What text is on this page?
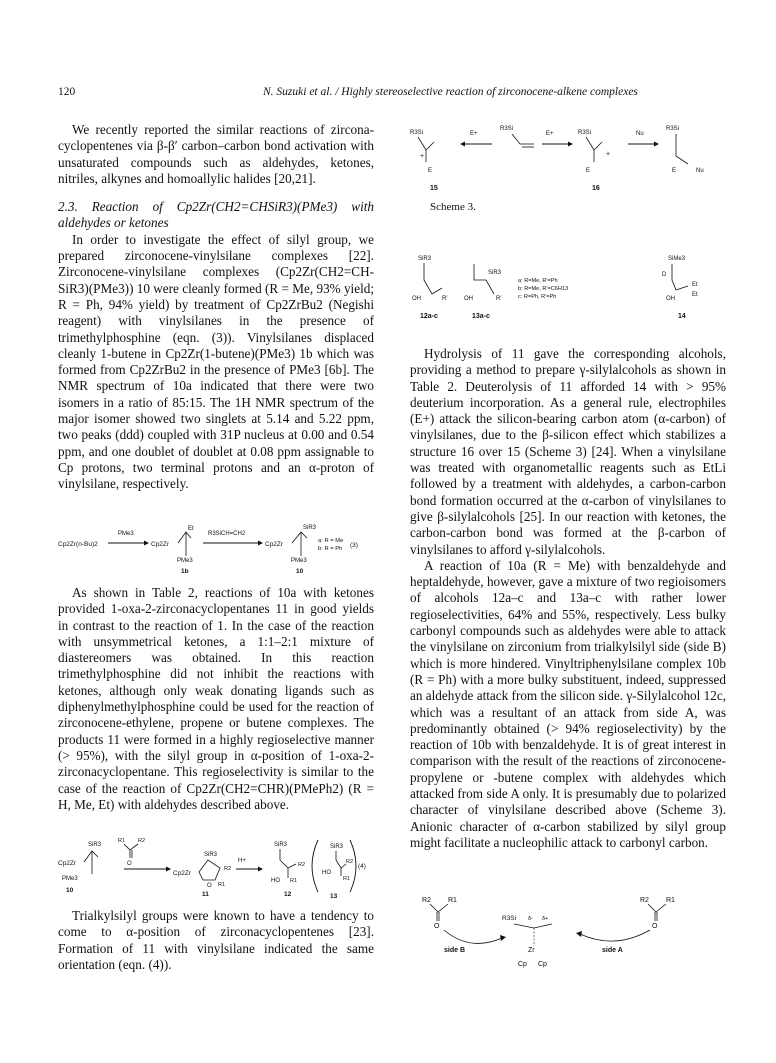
120	N. Suzuki et al. / Highly stereoselective reaction of zirconocene-alkene complexes

We recently reported the similar reactions of zircona-cyclopentenes via β-β′ carbon–carbon bond activation with unsaturated compounds such as aldehydes, ketones, nitriles, alkynes and homoallylic halides [20,21].

2.3. Reaction of Cp2Zr(CH2=CHSiR3)(PMe3) with aldehydes or ketones

In order to investigate the effect of silyl group, we prepared zirconocene-vinylsilane complexes [22]. Zirconocene-vinylsilane complexes (Cp2Zr(CH2=CH-SiR3)(PMe3)) 10 were cleanly formed (R = Me, 93% yield; R = Ph, 94% yield) by treatment of Cp2ZrBu2 (Negishi reagent) with vinylsilanes in the presence of trimethylphosphine (eqn. (3)). Vinylsilanes displaced cleanly 1-butene in Cp2Zr(1-butene)(PMe3) 1b which was formed from Cp2ZrBu2 in the presence of PMe3 [6b]. The NMR spectrum of 10a indicated that there were two isomers in a ratio of 85:15. The 1H NMR spectrum of the major isomer showed two singlets at 5.14 and 5.22 ppm, two peaks (ddd) coupled with 31P nucleus at 0.00 and 0.54 ppm, and one doublet of doublet at 0.08 ppm assignable to Cp protons, two terminal protons and an α-proton of vinylsilane, respectively.

Cp2Zr(n-Bu)2
PMe3
Cp2Zr
Et
PMe3
1b
R3SiCH=CH2
Cp2Zr
SiR3
PMe3
10
a: R = Me
b: R = Ph (3)

As shown in Table 2, reactions of 10a with ketones provided 1-oxa-2-zirconacyclopentanes 11 in good yields in contrast to the reaction of 1. In the case of the reaction with unsymmetrical ketones, a 1:1–2:1 mixture of diastereomers was obtained. In this reaction trimethylphosphine did not inhibit the reactions with ketones, although only weak donating ligands such as diphenylmethylphosphine could be used for the reaction of zirconocene-ethylene, propene or butene complexes. The products 11 were formed in a highly regioselective manner (> 95%), with the silyl group in α-position of 1-oxa-2-zirconacyclopentane. This regioselectivity is similar to the case of the reaction of Cp2Zr(CH2=CHR)(PMePh2) (R = H, Me, Et) with aldehydes described above.

Cp2Zr
SiR3
PMe3
10
R1 R2
O
Cp2Zr
SiR3
R2
R1
O
H+
SiR3
R1
R2
HO
12
SiR3
R1
R2
HO
13
11
(4)

Trialkylsilyl groups were known to have a tendency to come to α-position of zirconacyclopentenes [23]. Formation of 11 with vinylsilane indicated the same orientation (eqn. (4)).

R3Si
+
E
E+
R3Si
E+	R3Si
+
E
Nu
R3Si
E	Nu
15	16
Scheme 3.
SiR3
OH	R′
12a-c
SiR3
OH	R′
13a-c
a: R=Me, R′=Ph
b: R=Me, R′=C6H13
c: R=Ph, R′=Ph
SiMe3
D
Et
Et
OH
14

Hydrolysis of 11 gave the corresponding alcohols, providing a method to prepare γ-silylalcohols as shown in Table 2. Deuterolysis of 11 afforded 14 with > 95% deuterium incorporation. As a general rule, electrophiles (E+) attack the silicon-bearing carbon atom (α-carbon) of vinylsilanes, due to the β-silicon effect which stabilizes a structure 16 over 15 (Scheme 3) [24]. When a vinylsilane was treated with organometallic reagents such as EtLi followed by a treatment with aldehydes, a carbon-carbon bond formation occurred at the α-carbon of vinylsilanes to give β-silylalcohols [25]. In our reaction with ketones, the carbon-carbon bond was formed at the β-carbon of vinylsilanes to afford γ-silylalcohols.

A reaction of 10a (R = Me) with benzaldehyde and heptaldehyde, however, gave a mixture of two regioisomers of alcohols 12a–c and 13a–c with rather lower regioselectivities, 64% and 55%, respectively. Less bulky carbonyl compounds such as aldehydes were able to attack the vinylsilane on zirconium from trialkylsilyl side (side B) which is more hindered. Vinyltriphenylsilane complex 10b (R = Ph) with a more bulky substituent, indeed, suppressed an aldehyde attack from the silicon side. γ-Silylalcohol 12c, which was a resultant of an attack from side A, was predominantly obtained (> 94% regioselectivity) by the reaction of 10b with benzaldehyde. It is of great interest in comparison with the result of the reactions of zirconocene-propylene or -butene complex with aldehydes which attacked from side A only. It is presumably due to polarized character of vinylsilane described above (Scheme 3). Anionic character of α-carbon stabilized by silyl group might facilitate a nucleophilic attack to carbonyl carbon.

R2 R1
O
R2 R1
O
R3Si δ- δ+
Zr
Cp Cp
side B	side A
